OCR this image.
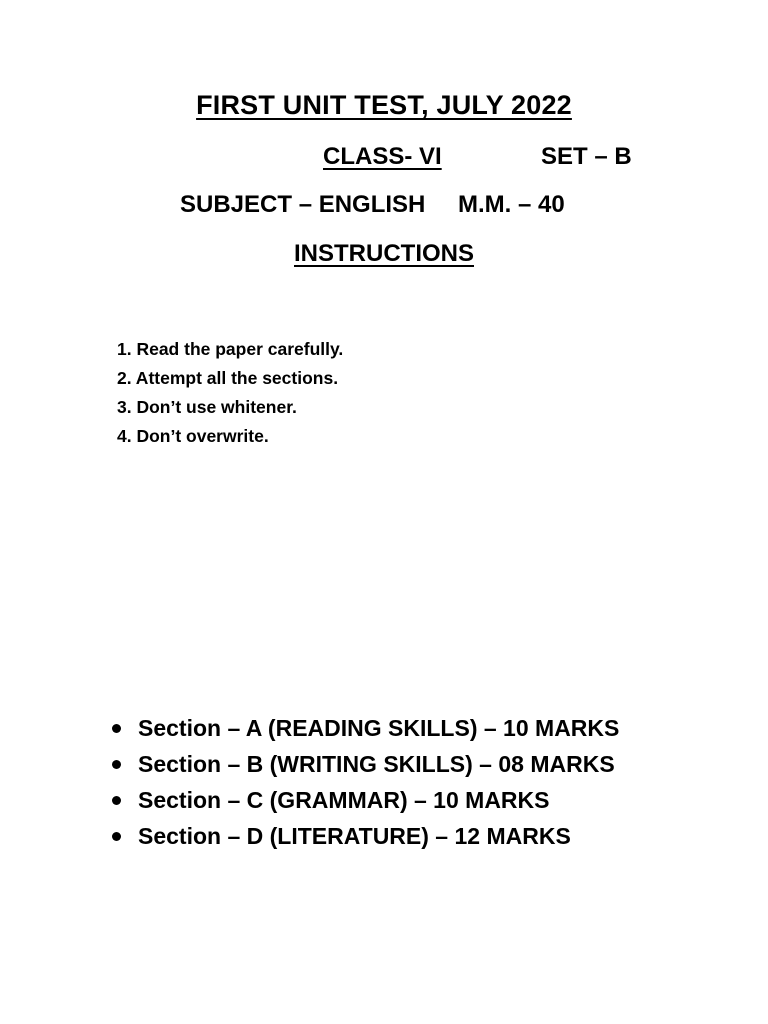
FIRST UNIT TEST, JULY 2022
CLASS- VI	SET – B
SUBJECT – ENGLISH M.M. – 40
INSTRUCTIONS
1. Read the paper carefully.
2. Attempt all the sections.
3. Don’t use whitener.
4. Don’t overwrite.
Section – A (READING SKILLS) – 10 MARKS
Section – B (WRITING SKILLS) – 08 MARKS
Section – C (GRAMMAR) – 10 MARKS
Section – D (LITERATURE) – 12 MARKS
